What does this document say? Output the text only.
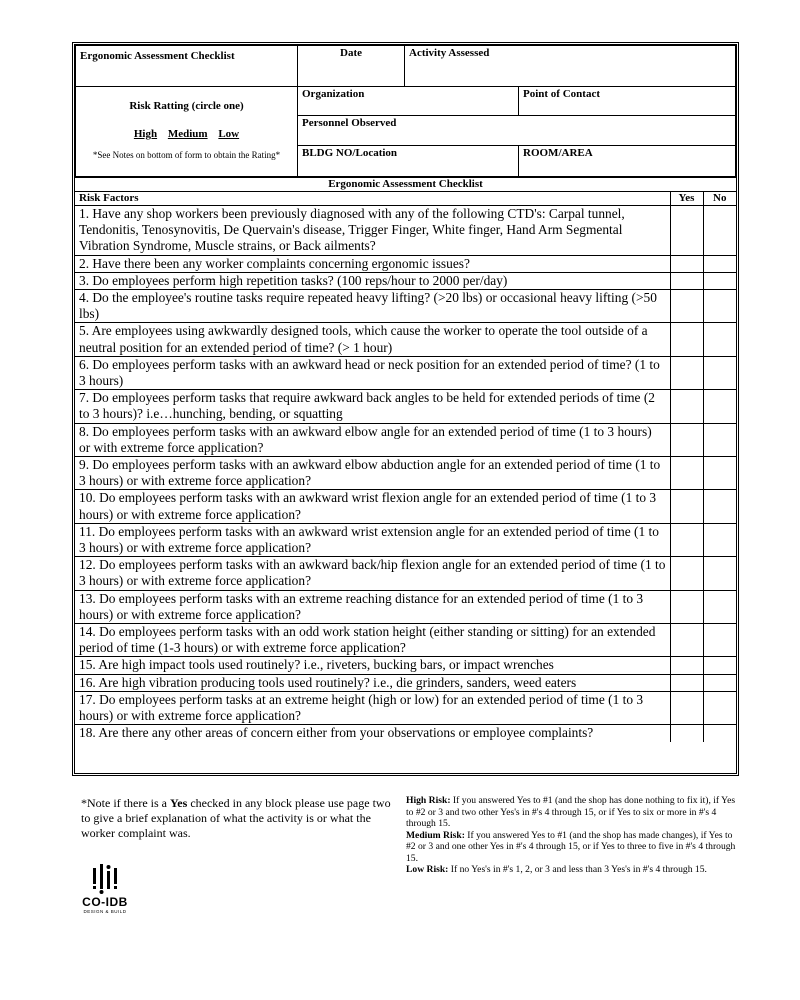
Ergonomic Assessment Checklist	Date	Activity Assessed	

Risk Ratting (circle one)
High Medium Low
*See Notes on bottom of form to obtain the Rating*	Organization		Point of Contact
	Personnel Observed		
	BLDG NO/Location		ROOM/AREA
Ergonomic Assessment Checklist
Risk Factors	Yes	No
1. Have any shop workers been previously diagnosed with any of the following CTD's: Carpal tunnel, Tendonitis, Tenosynovitis, De Quervain's disease, Trigger Finger, White finger, Hand Arm Segmental Vibration Syndrome, Muscle strains, or Back ailments?		
2. Have there been any worker complaints concerning ergonomic issues?		
3. Do employees perform high repetition tasks? (100 reps/hour to 2000 per/day)		
4. Do the employee's routine tasks require repeated heavy lifting? (>20 lbs) or occasional heavy lifting (>50 lbs)		
5. Are employees using awkwardly designed tools, which cause the worker to operate the tool outside of a neutral position for an extended period of time? (> 1 hour)		
6. Do employees perform tasks with an awkward head or neck position for an extended period of time? (1 to 3 hours)		
7. Do employees perform tasks that require awkward back angles to be held for extended periods of time (2 to 3 hours)? i.e…hunching, bending, or squatting		
8. Do employees perform tasks with an awkward elbow angle for an extended period of time (1 to 3 hours) or with extreme force application?		
9. Do employees perform tasks with an awkward elbow abduction angle for an extended period of time (1 to 3 hours) or with extreme force application?		
10. Do employees perform tasks with an awkward wrist flexion angle for an extended period of time (1 to 3 hours) or with extreme force application?		
11. Do employees perform tasks with an awkward wrist extension angle for an extended period of time (1 to 3 hours) or with extreme force application?		
12. Do employees perform tasks with an awkward back/hip flexion angle for an extended period of time (1 to 3 hours) or with extreme force application?		
13. Do employees perform tasks with an extreme reaching distance for an extended period of time (1 to 3 hours) or with extreme force application?		
14. Do employees perform tasks with an odd work station height (either standing or sitting) for an extended period of time (1-3 hours) or with extreme force application?		
15. Are high impact tools used routinely? i.e., riveters, bucking bars, or impact wrenches		
16. Are high vibration producing tools used routinely? i.e., die grinders, sanders, weed eaters		
17. Do employees perform tasks at an extreme height (high or low) for an extended period of time (1 to 3 hours) or with extreme force application?		
18. Are there any other areas of concern either from your observations or employee complaints?		
*Note if there is a Yes checked in any block please use page two to give a brief explanation of what the activity is or what the worker complaint was.
High Risk: If you answered Yes to #1 (and the shop has done nothing to fix it), if Yes to #2 or 3 and two other Yes's in #'s 4 through 15, or if Yes to six or more in #'s 4 through 15.
Medium Risk: If you answered Yes to #1 (and the shop has made changes), if Yes to #2 or 3 and one other Yes in #'s 4 through 15, or if Yes to three to five in #'s 4 through 15.
Low Risk: If no Yes's in #'s 1, 2, or 3 and less than 3 Yes's in #'s 4 through 15.
CO-IDB
DESIGN & BUILD
